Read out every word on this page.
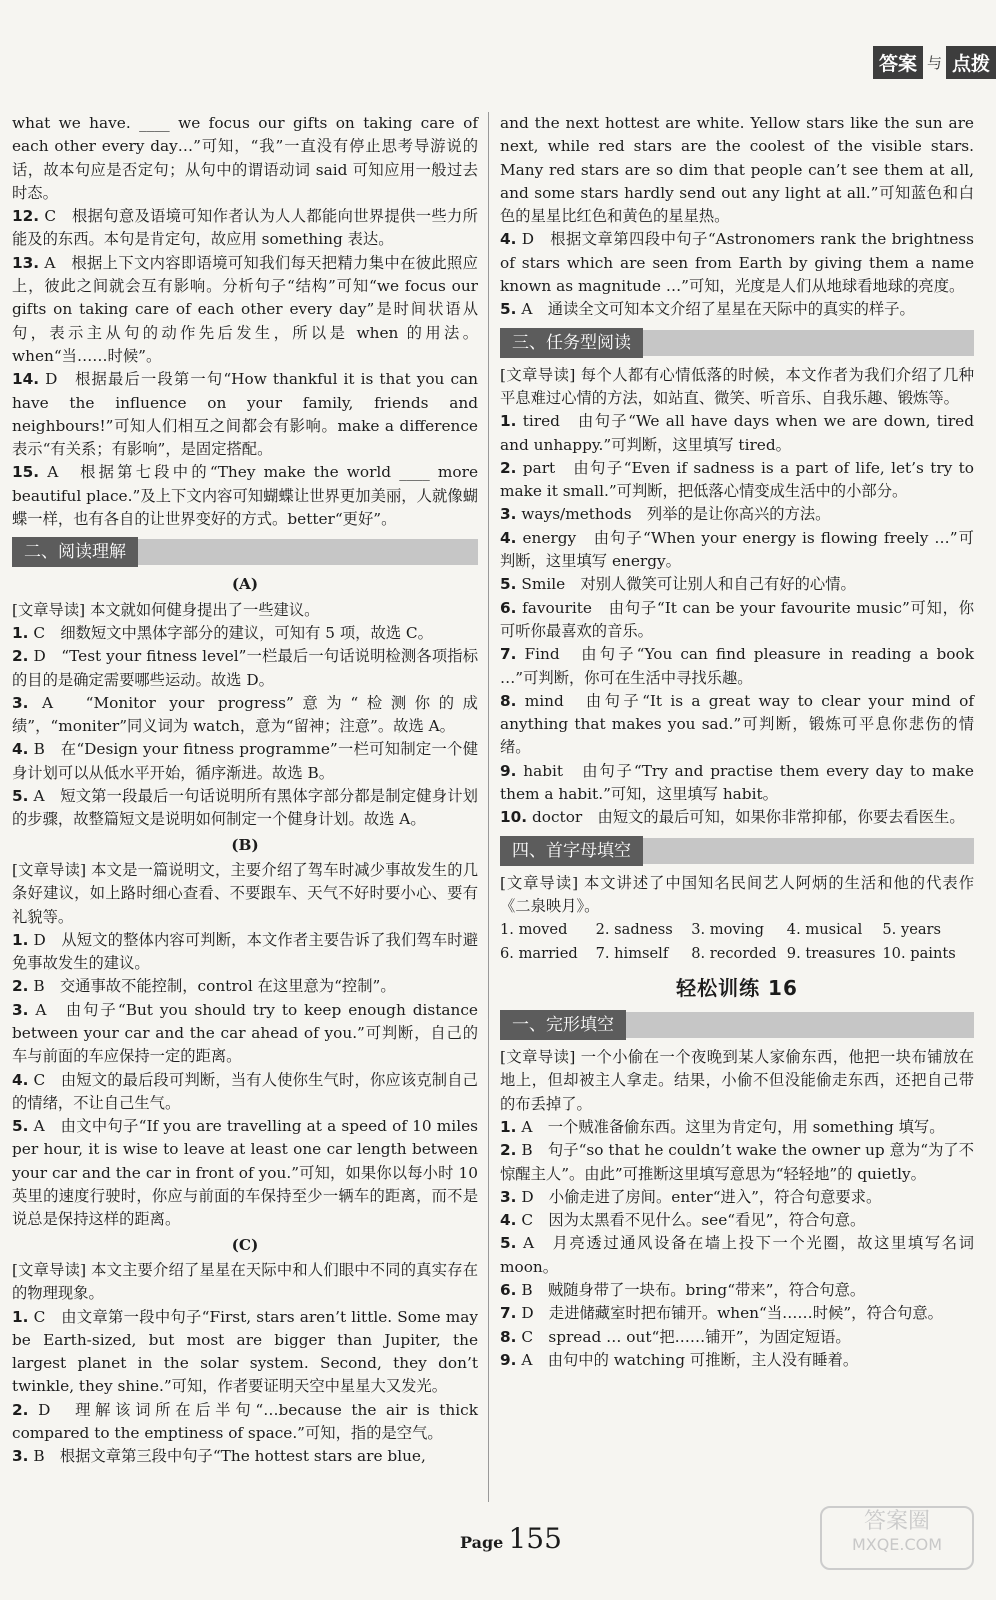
答案 与 点拨

what we have. ____ we focus our gifts on taking care of each other every day…”可知，“我”一直没有停止思考导游说的话，故本句应是否定句；从句中的谓语动词 said 可知应用一般过去时态。

12. C　根据句意及语境可知作者认为人人都能向世界提供一些力所能及的东西。本句是肯定句，故应用 something 表达。

13. A　根据上下文内容即语境可知我们每天把精力集中在彼此照应上，彼此之间就会互有影响。分析句子“结构”可知“we focus our gifts on taking care of each other every day”是时间状语从句，表示主从句的动作先后发生，所以是 when 的用法。when“当……时候”。

14. D　根据最后一段第一句“How thankful it is that you can have the influence on your family, friends and neighbours!”可知人们相互之间都会有影响。make a difference 表示“有关系；有影响”，是固定搭配。

15. A　根据第七段中的“They make the world ____ more beautiful place.”及上下文内容可知蝴蝶让世界更加美丽，人就像蝴蝶一样，也有各自的让世界变好的方式。better“更好”。

二、阅读理解
(A)

[文章导读] 本文就如何健身提出了一些建议。

1. C　细数短文中黑体字部分的建议，可知有 5 项，故选 C。

2. D　“Test your fitness level”一栏最后一句话说明检测各项指标的目的是确定需要哪些运动。故选 D。

3. A　“Monitor your progress”意为“检测你的成绩”，“moniter”同义词为 watch，意为“留神；注意”。故选 A。

4. B　在“Design your fitness programme”一栏可知制定一个健身计划可以从低水平开始，循序渐进。故选 B。

5. A　短文第一段最后一句话说明所有黑体字部分都是制定健身计划的步骤，故整篇短文是说明如何制定一个健身计划。故选 A。

(B)

[文章导读] 本文是一篇说明文，主要介绍了驾车时减少事故发生的几条好建议，如上路时细心查看、不要跟车、天气不好时要小心、要有礼貌等。

1. D　从短文的整体内容可判断，本文作者主要告诉了我们驾车时避免事故发生的建议。

2. B　交通事故不能控制，control 在这里意为“控制”。

3. A　由句子“But you should try to keep enough distance between your car and the car ahead of you.”可判断，自己的车与前面的车应保持一定的距离。

4. C　由短文的最后段可判断，当有人使你生气时，你应该克制自己的情绪，不让自己生气。

5. A　由文中句子“If you are travelling at a speed of 10 miles per hour, it is wise to leave at least one car length between your car and the car in front of you.”可知，如果你以每小时 10 英里的速度行驶时，你应与前面的车保持至少一辆车的距离，而不是说总是保持这样的距离。

(C)

[文章导读] 本文主要介绍了星星在天际中和人们眼中不同的真实存在的物理现象。

1. C　由文章第一段中句子“First, stars aren’t little. Some may be Earth-sized, but most are bigger than Jupiter, the largest planet in the solar system. Second, they don’t twinkle, they shine.”可知，作者要证明天空中星星大又发光。

2. D　理解该词所在后半句“…because the air is thick compared to the emptiness of space.”可知，指的是空气。

3. B　根据文章第三段中句子“The hottest stars are blue,

and the next hottest are white. Yellow stars like the sun are next, while red stars are the coolest of the visible stars. Many red stars are so dim that people can’t see them at all, and some stars hardly send out any light at all.”可知蓝色和白色的星星比红色和黄色的星星热。

4. D　根据文章第四段中句子“Astronomers rank the brightness of stars which are seen from Earth by giving them a name known as magnitude …”可知，光度是人们从地球看地球的亮度。

5. A　通读全文可知本文介绍了星星在天际中的真实的样子。

三、任务型阅读

[文章导读] 每个人都有心情低落的时候，本文作者为我们介绍了几种平息难过心情的方法，如站直、微笑、听音乐、自我乐趣、锻炼等。

1. tired　由句子“We all have days when we are down, tired and unhappy.”可判断，这里填写 tired。

2. part　由句子“Even if sadness is a part of life, let’s try to make it small.”可判断，把低落心情变成生活中的小部分。

3. ways/methods　列举的是让你高兴的方法。

4. energy　由句子“When your energy is flowing freely …”可判断，这里填写 energy。

5. Smile　对别人微笑可让别人和自己有好的心情。

6. favourite　由句子“It can be your favourite music”可知，你可听你最喜欢的音乐。

7. Find　由句子“You can find pleasure in reading a book …”可判断，你可在生活中寻找乐趣。

8. mind　由句子“It is a great way to clear your mind of anything that makes you sad.”可判断，锻炼可平息你悲伤的情绪。

9. habit　由句子“Try and practise them every day to make them a habit.”可知，这里填写 habit。

10. doctor　由短文的最后可知，如果你非常抑郁，你要去看医生。

四、首字母填空

[文章导读] 本文讲述了中国知名民间艺人阿炳的生活和他的代表作《二泉映月》。

1. moved	2. sadness	3. moving	4. musical	5. years
6. married	7. himself	8. recorded 9. treasures 10. paints
轻松训练 16
一、完形填空

[文章导读] 一个小偷在一个夜晚到某人家偷东西，他把一块布铺放在地上，但却被主人拿走。结果，小偷不但没能偷走东西，还把自己带的布丢掉了。

1. A　一个贼准备偷东西。这里为肯定句，用 something 填写。

2. B　句子“so that he couldn’t wake the owner up 意为“为了不惊醒主人”。由此”可推断这里填写意思为“轻轻地”的 quietly。

3. D　小偷走进了房间。enter“进入”，符合句意要求。

4. C　因为太黑看不见什么。see“看见”，符合句意。

5. A　月亮透过通风设备在墙上投下一个光圈，故这里填写名词 moon。

6. B　贼随身带了一块布。bring“带来”，符合句意。

7. D　走进储藏室时把布铺开。when“当……时候”，符合句意。

8. C　spread … out“把……铺开”，为固定短语。

9. A　由句中的 watching 可推断，主人没有睡着。

Page 155
答案圈
MXQE.COM
